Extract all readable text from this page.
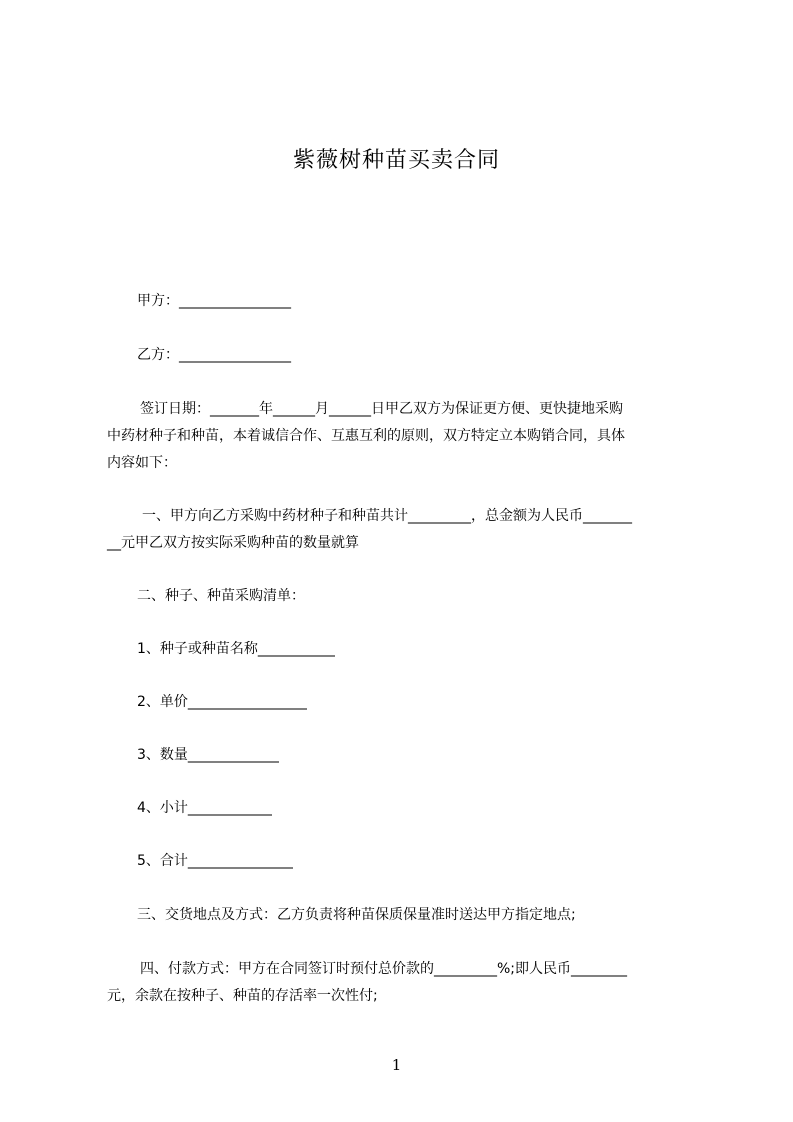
紫薇树种苗买卖合同
甲方：________________
乙方：________________
签订日期：_______年______月______日甲乙双方为保证更方便、更快捷地采购
中药材种子和种苗，本着诚信合作、互惠互利的原则，双方特定立本购销合同，具体
内容如下：
一、甲方向乙方采购中药材种子和种苗共计_________，总金额为人民币_______
__元甲乙双方按实际采购种苗的数量就算
二、种子、种苗采购清单：
1、种子或种苗名称___________
2、单价_________________
3、数量_____________
4、小计____________
5、合计_______________
三、交货地点及方式：乙方负责将种苗保质保量准时送达甲方指定地点;
四、付款方式：甲方在合同签订时预付总价款的_________%;即人民币________
元，余款在按种子、种苗的存活率一次性付;
1
